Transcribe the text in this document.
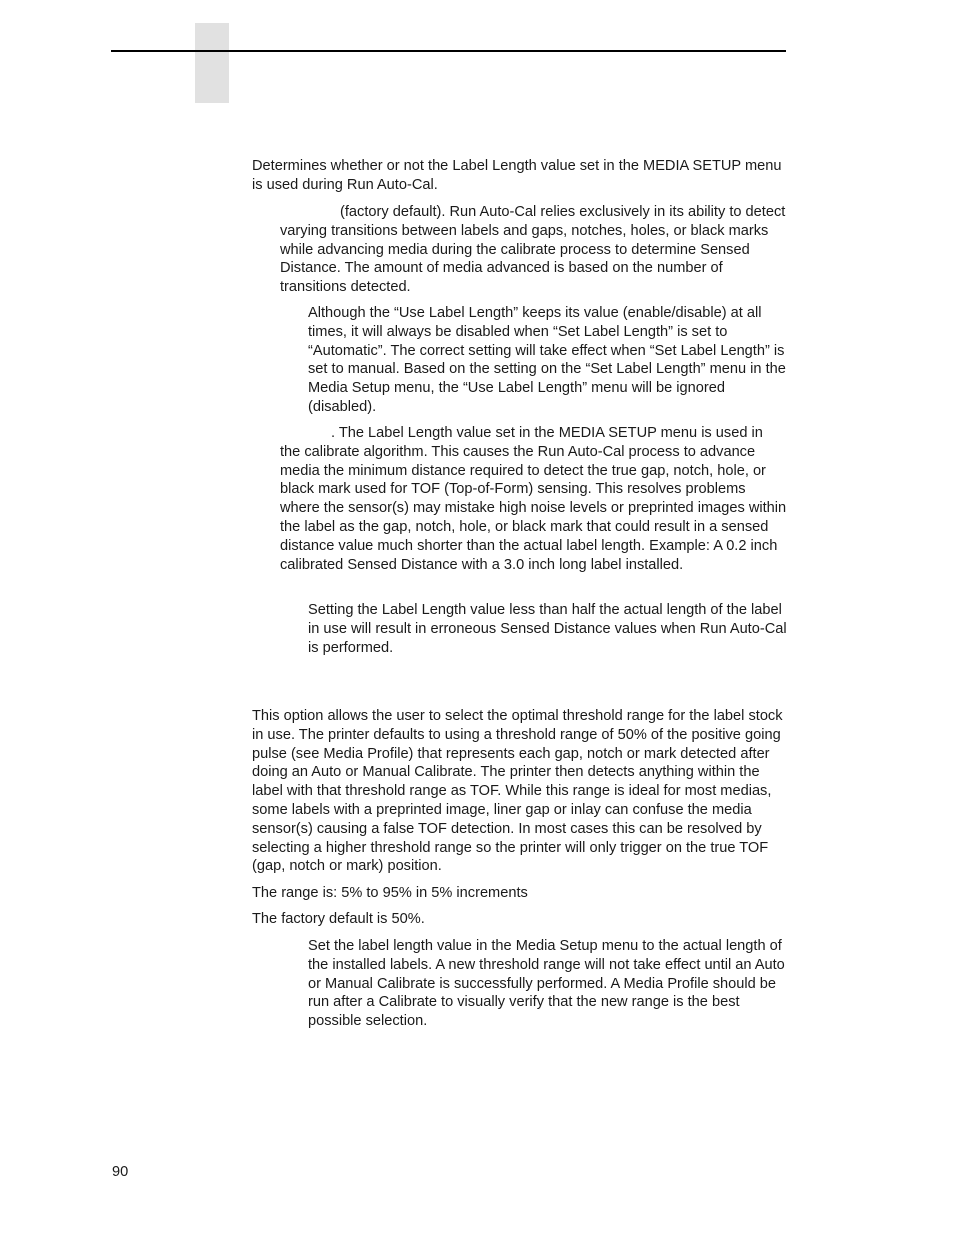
Determines whether or not the Label Length value set in the MEDIA SETUP menu is used during Run Auto-Cal.

(factory default). Run Auto-Cal relies exclusively in its ability to detect varying transitions between labels and gaps, notches, holes, or black marks while advancing media during the calibrate process to determine Sensed Distance. The amount of media advanced is based on the number of transitions detected.

Although the “Use Label Length” keeps its value (enable/disable) at all times, it will always be disabled when “Set Label Length” is set to “Automatic”. The correct setting will take effect when “Set Label Length” is set to manual. Based on the setting on the “Set Label Length” menu in the Media Setup menu, the “Use Label Length” menu will be ignored (disabled).

. The Label Length value set in the MEDIA SETUP menu is used in the calibrate algorithm. This causes the Run Auto-Cal process to advance media the minimum distance required to detect the true gap, notch, hole, or black mark used for TOF (Top-of-Form) sensing. This resolves problems where the sensor(s) may mistake high noise levels or preprinted images within the label as the gap, notch, hole, or black mark that could result in a sensed distance value much shorter than the actual label length. Example: A 0.2 inch calibrated Sensed Distance with a 3.0 inch long label installed.

Setting the Label Length value less than half the actual length of the label in use will result in erroneous Sensed Distance values when Run Auto-Cal is performed.

This option allows the user to select the optimal threshold range for the label stock in use. The printer defaults to using a threshold range of 50% of the positive going pulse (see Media Profile) that represents each gap, notch or mark detected after doing an Auto or Manual Calibrate. The printer then detects anything within the label with that threshold range as TOF. While this range is ideal for most medias, some labels with a preprinted image, liner gap or inlay can confuse the media sensor(s) causing a false TOF detection. In most cases this can be resolved by selecting a higher threshold range so the printer will only trigger on the true TOF (gap, notch or mark) position.

The range is: 5% to 95% in 5% increments

The factory default is 50%.

Set the label length value in the Media Setup menu to the actual length of the installed labels. A new threshold range will not take effect until an Auto or Manual Calibrate is successfully performed. A Media Profile should be run after a Calibrate to visually verify that the new range is the best possible selection.

90
